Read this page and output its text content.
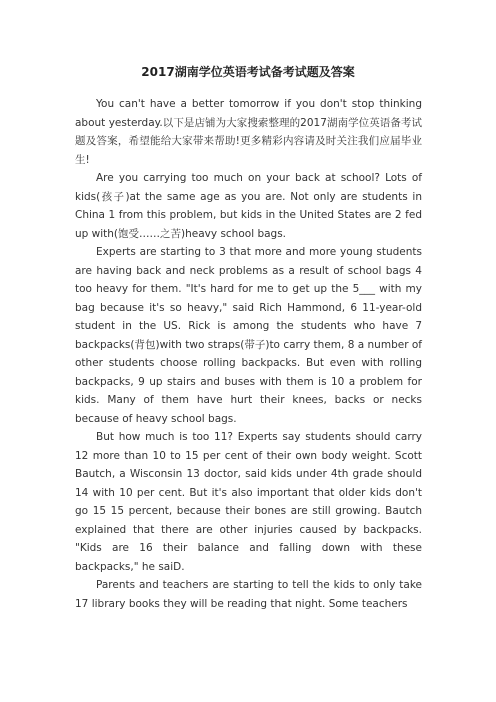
2017湖南学位英语考试备考试题及答案

You can't have a better tomorrow if you don't stop thinking about yesterday.以下是店铺为大家搜索整理的2017湖南学位英语备考试题及答案，希望能给大家带来帮助!更多精彩内容请及时关注我们应届毕业生!

Are you carrying too much on your back at school? Lots of kids(孩子)at the same age as you are. Not only are students in China 1 from this problem, but kids in the United States are 2 fed up with(饱受……之苦)heavy school bags.

Experts are starting to 3 that more and more young students are having back and neck problems as a result of school bags 4 too heavy for them. "It's hard for me to get up the 5___ with my bag because it's so heavy," said Rich Hammond, 6 11-year-old student in the US. Rick is among the students who have 7 backpacks(背包)with two straps(带子)to carry them, 8 a number of other students choose rolling backpacks. But even with rolling backpacks, 9 up stairs and buses with them is 10 a problem for kids. Many of them have hurt their knees, backs or necks because of heavy school bags.

But how much is too 11? Experts say students should carry 12 more than 10 to 15 per cent of their own body weight. Scott Bautch, a Wisconsin 13 doctor, said kids under 4th grade should 14 with 10 per cent. But it's also important that older kids don't go 15 15 percent, because their bones are still growing. Bautch explained that there are other injuries caused by backpacks. "Kids are 16 their balance and falling down with these backpacks," he saiD.

Parents and teachers are starting to tell the kids to only take 17 library books they will be reading that night. Some teachers
